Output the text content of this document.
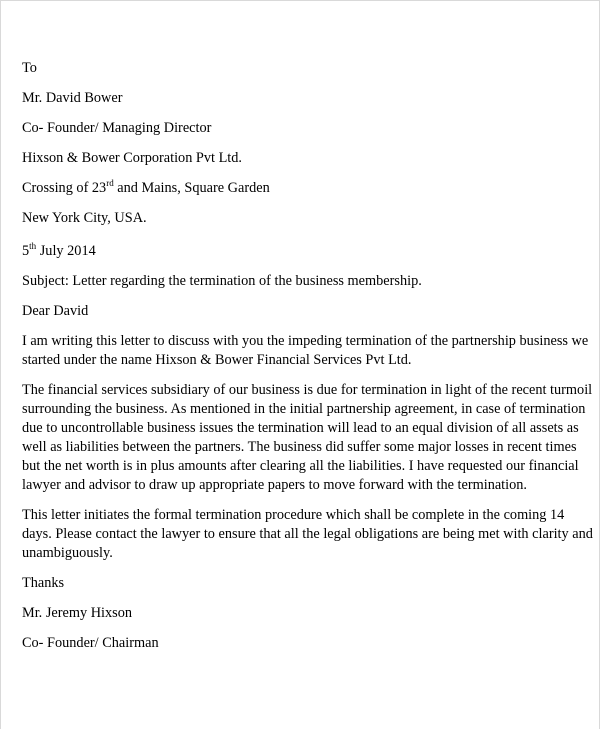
To
Mr. David Bower
Co- Founder/ Managing Director
Hixson & Bower Corporation Pvt Ltd.
Crossing of 23rd and Mains, Square Garden
New York City, USA.
5th July 2014
Subject: Letter regarding the termination of the business membership.
Dear David
I am writing this letter to discuss with you the impeding termination of the partnership business we
started under the name Hixson & Bower Financial Services Pvt Ltd.
The financial services subsidiary of our business is due for termination in light of the recent turmoil
surrounding the business. As mentioned in the initial partnership agreement, in case of termination
due to uncontrollable business issues the termination will lead to an equal division of all assets as
well as liabilities between the partners. The business did suffer some major losses in recent times
but the net worth is in plus amounts after clearing all the liabilities. I have requested our financial
lawyer and advisor to draw up appropriate papers to move forward with the termination.
This letter initiates the formal termination procedure which shall be complete in the coming 14
days. Please contact the lawyer to ensure that all the legal obligations are being met with clarity and
unambiguously.
Thanks
Mr. Jeremy Hixson
Co- Founder/ Chairman
